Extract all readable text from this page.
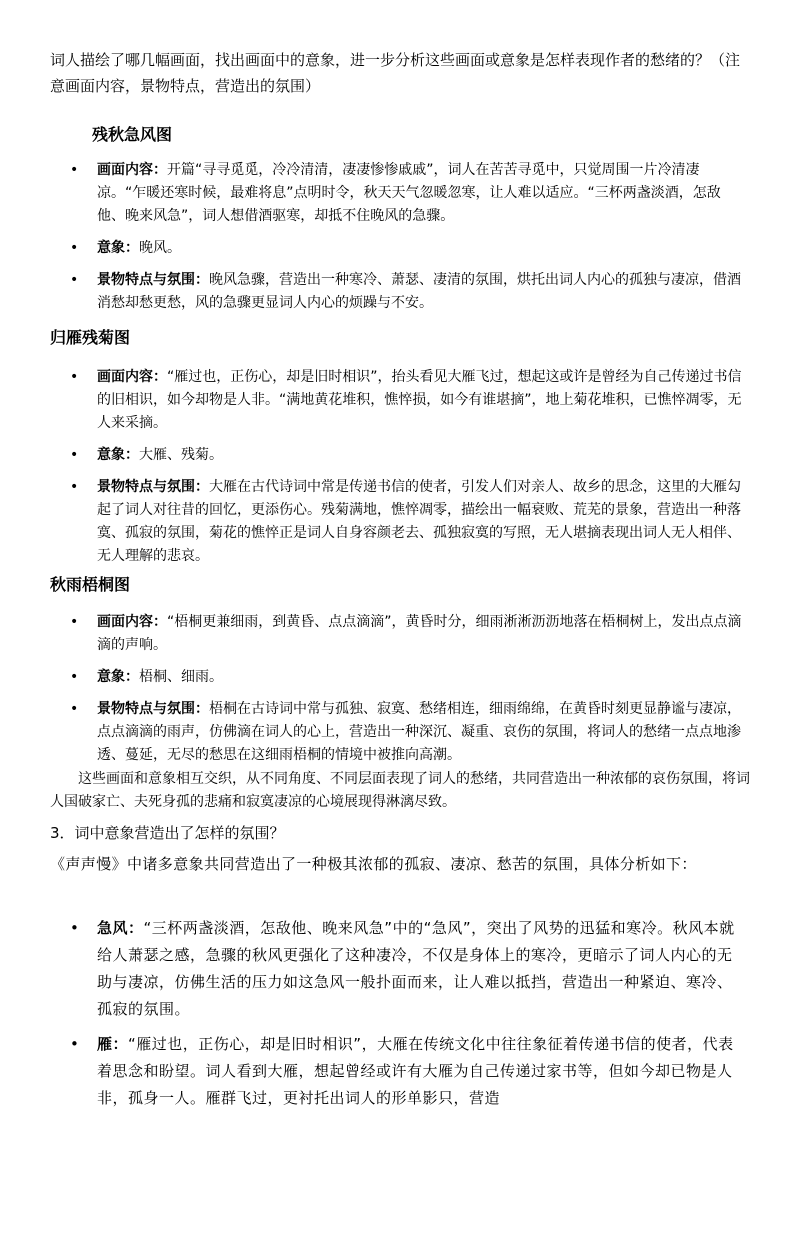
词人描绘了哪几幅画面，找出画面中的意象，进一步分析这些画面或意象是怎样表现作者的愁绪的？（注意画面内容，景物特点，营造出的氛围）
残秋急风图
• 画面内容：开篇“寻寻觅觅，冷冷清清，凄凄惨惨戚戚”，词人在苦苦寻觅中，只觉周围一片冷清凄凉。“乍暖还寒时候，最难将息”点明时令，秋天天气忽暖忽寒，让人难以适应。“三杯两盏淡酒，怎敌他、晚来风急”，词人想借酒驱寒，却抵不住晚风的急骤。
• 意象：晚风。
• 景物特点与氛围：晚风急骤，营造出一种寒冷、萧瑟、凄清的氛围，烘托出词人内心的孤独与凄凉，借酒消愁却愁更愁，风的急骤更显词人内心的烦躁与不安。
归雁残菊图
• 画面内容：“雁过也，正伤心，却是旧时相识”，抬头看见大雁飞过，想起这或许是曾经为自己传递过书信的旧相识，如今却物是人非。“满地黄花堆积，憔悴损，如今有谁堪摘”，地上菊花堆积，已憔悴凋零，无人来采摘。
• 意象：大雁、残菊。
• 景物特点与氛围：大雁在古代诗词中常是传递书信的使者，引发人们对亲人、故乡的思念，这里的大雁勾起了词人对往昔的回忆，更添伤心。残菊满地，憔悴凋零，描绘出一幅衰败、荒芜的景象，营造出一种落寞、孤寂的氛围，菊花的憔悴正是词人自身容颜老去、孤独寂寞的写照，无人堪摘表现出词人无人相伴、无人理解的悲哀。
秋雨梧桐图
• 画面内容：“梧桐更兼细雨，到黄昏、点点滴滴”，黄昏时分，细雨淅淅沥沥地落在梧桐树上，发出点点滴滴的声响。
• 意象：梧桐、细雨。
• 景物特点与氛围：梧桐在古诗词中常与孤独、寂寞、愁绪相连，细雨绵绵，在黄昏时刻更显静谧与凄凉，点点滴滴的雨声，仿佛滴在词人的心上，营造出一种深沉、凝重、哀伤的氛围，将词人的愁绪一点点地渗透、蔓延，无尽的愁思在这细雨梧桐的情境中被推向高潮。
这些画面和意象相互交织，从不同角度、不同层面表现了词人的愁绪，共同营造出一种浓郁的哀伤氛围，将词人国破家亡、夫死身孤的悲痛和寂寞凄凉的心境展现得淋漓尽致。
3．词中意象营造出了怎样的氛围？
《声声慢》中诸多意象共同营造出了一种极其浓郁的孤寂、凄凉、愁苦的氛围，具体分析如下：
• 急风：“三杯两盏淡酒，怎敌他、晚来风急”中的“急风”，突出了风势的迅猛和寒冷。秋风本就给人萧瑟之感，急骤的秋风更强化了这种凄冷，不仅是身体上的寒冷，更暗示了词人内心的无助与凄凉，仿佛生活的压力如这急风一般扑面而来，让人难以抵挡，营造出一种紧迫、寒冷、孤寂的氛围。
• 雁：“雁过也，正伤心，却是旧时相识”，大雁在传统文化中往往象征着传递书信的使者，代表着思念和盼望。词人看到大雁，想起曾经或许有大雁为自己传递过家书等，但如今却已物是人非，孤身一人。雁群飞过，更衬托出词人的形单影只，营造
